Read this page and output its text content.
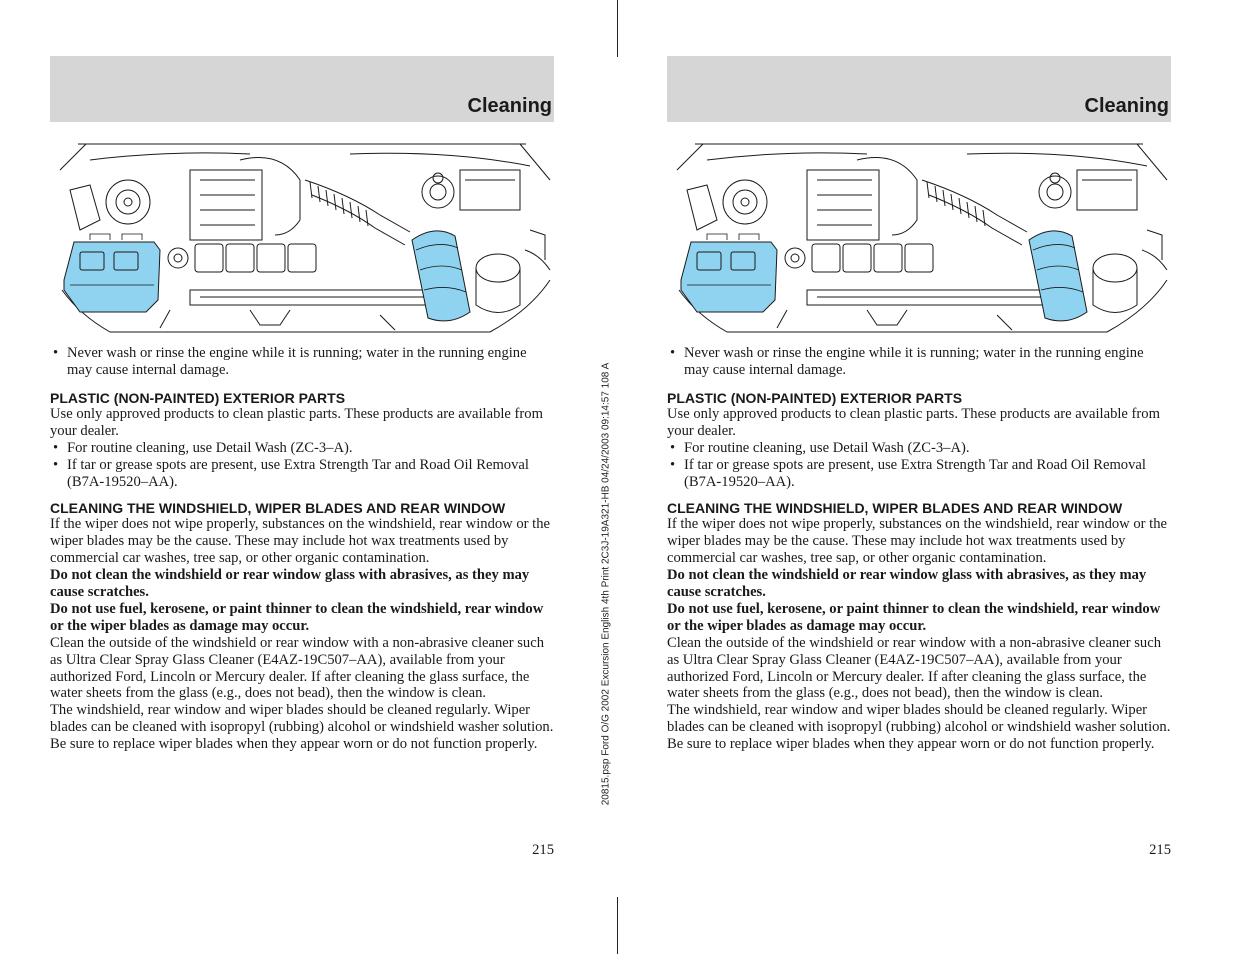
Cleaning
• Never wash or rinse the engine while it is running; water in the running engine may cause internal damage.
PLASTIC (NON-PAINTED) EXTERIOR PARTS
Use only approved products to clean plastic parts. These products are available from your dealer.
• For routine cleaning, use Detail Wash (ZC-3–A).
• If tar or grease spots are present, use Extra Strength Tar and Road Oil Removal (B7A-19520–AA).
CLEANING THE WINDSHIELD, WIPER BLADES AND REAR WINDOW
If the wiper does not wipe properly, substances on the windshield, rear window or the wiper blades may be the cause. These may include hot wax treatments used by commercial car washes, tree sap, or other organic contamination.
Do not clean the windshield or rear window glass with abrasives, as they may cause scratches.
Do not use fuel, kerosene, or paint thinner to clean the windshield, rear window or the wiper blades as damage may occur.
Clean the outside of the windshield or rear window with a non-abrasive cleaner such as Ultra Clear Spray Glass Cleaner (E4AZ-19C507–AA), available from your authorized Ford, Lincoln or Mercury dealer. If after cleaning the glass surface, the water sheets from the glass (e.g., does not bead), then the window is clean.
The windshield, rear window and wiper blades should be cleaned regularly. Wiper blades can be cleaned with isopropyl (rubbing) alcohol or windshield washer solution. Be sure to replace wiper blades when they appear worn or do not function properly.
215
20815.psp Ford O/G 2002 Excursion English 4th Print 2C3J-19A321-HB 04/24/2003 09:14:57 108 A
Cleaning
• Never wash or rinse the engine while it is running; water in the running engine may cause internal damage.
PLASTIC (NON-PAINTED) EXTERIOR PARTS
Use only approved products to clean plastic parts. These products are available from your dealer.
• For routine cleaning, use Detail Wash (ZC-3–A).
• If tar or grease spots are present, use Extra Strength Tar and Road Oil Removal (B7A-19520–AA).
CLEANING THE WINDSHIELD, WIPER BLADES AND REAR WINDOW
If the wiper does not wipe properly, substances on the windshield, rear window or the wiper blades may be the cause. These may include hot wax treatments used by commercial car washes, tree sap, or other organic contamination.
Do not clean the windshield or rear window glass with abrasives, as they may cause scratches.
Do not use fuel, kerosene, or paint thinner to clean the windshield, rear window or the wiper blades as damage may occur.
Clean the outside of the windshield or rear window with a non-abrasive cleaner such as Ultra Clear Spray Glass Cleaner (E4AZ-19C507–AA), available from your authorized Ford, Lincoln or Mercury dealer. If after cleaning the glass surface, the water sheets from the glass (e.g., does not bead), then the window is clean.
The windshield, rear window and wiper blades should be cleaned regularly. Wiper blades can be cleaned with isopropyl (rubbing) alcohol or windshield washer solution. Be sure to replace wiper blades when they appear worn or do not function properly.
215
